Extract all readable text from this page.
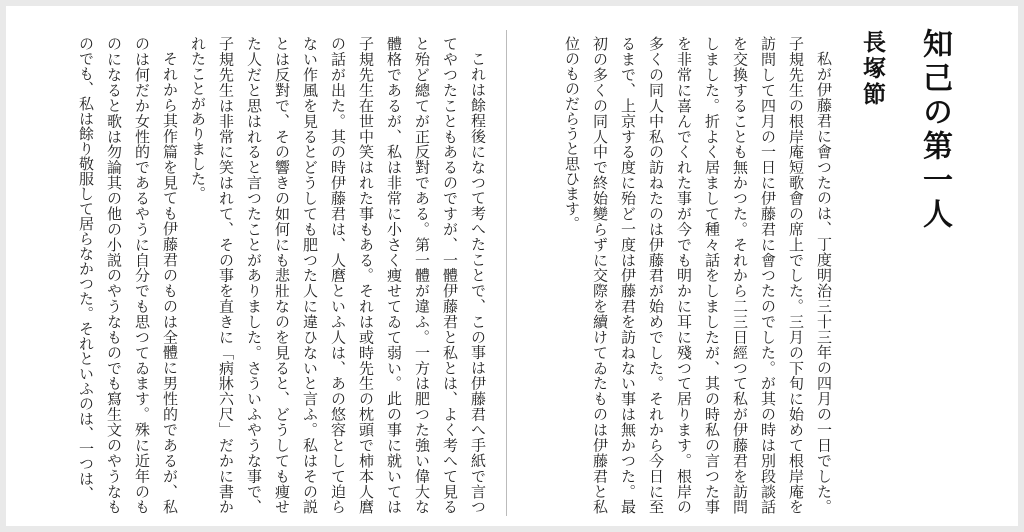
知己の第一人
長塚節

私が伊藤君に會つたのは、丁度明治三十三年の四月の一日でした。子規先生の根岸庵短歌會の席上でした。三月の下旬に始めて根岸庵を訪問して四月の一日に伊藤君に會つたのでした。が其の時は別段談話を交換することも無かつた。それから二三日經つて私が伊藤君を訪問しました。折よく居まして種々話をしましたが、其の時私の言つた事を非常に喜んでくれた事が今でも明かに耳に殘つて居ります。根岸の多くの同人中私の訪ねたのは伊藤君が始めでした。それから今日に至るまで、上京する度に殆ど一度は伊藤君を訪ねない事は無かつた。最初の多くの同人中で終始變らずに交際を續けてゐたものは伊藤君と私位のものだらうと思ひます。

これは餘程後になつて考へたことで、この事は伊藤君へ手紙で言つてやつたこともあるのですが、一體伊藤君と私とは、よく考へて見ると殆ど總てが正反對である。第一體が違ふ。一方は肥つた強い偉大な體格であるが、私は非常に小さく痩せてゐて弱い。此の事に就いては子規先生在世中笑はれた事もある。それは或時先生の枕頭で柿本人麿の話が出た。其の時伊藤君は、人麿といふ人は、あの悠容として迫らない作風を見るとどうしても肥つた人に違ひないと言ふ。私はその説とは反對で、その響きの如何にも悲壯なのを見ると、どうしても痩せた人だと思はれると言つたことがありました。さういふやうな事で、子規先生は非常に笑はれて、その事を直きに「病牀六尺」だかに書かれたことがありました。

それから其作篇を見ても伊藤君のものは全體に男性的であるが、私のは何だか女性的であるやうに自分でも思つてゐます。殊に近年のものになると歌は勿論其の他の小説のやうなものでも寫生文のやうなものでも、私は餘り敬服して居らなかつた。それといふのは、一つは、
